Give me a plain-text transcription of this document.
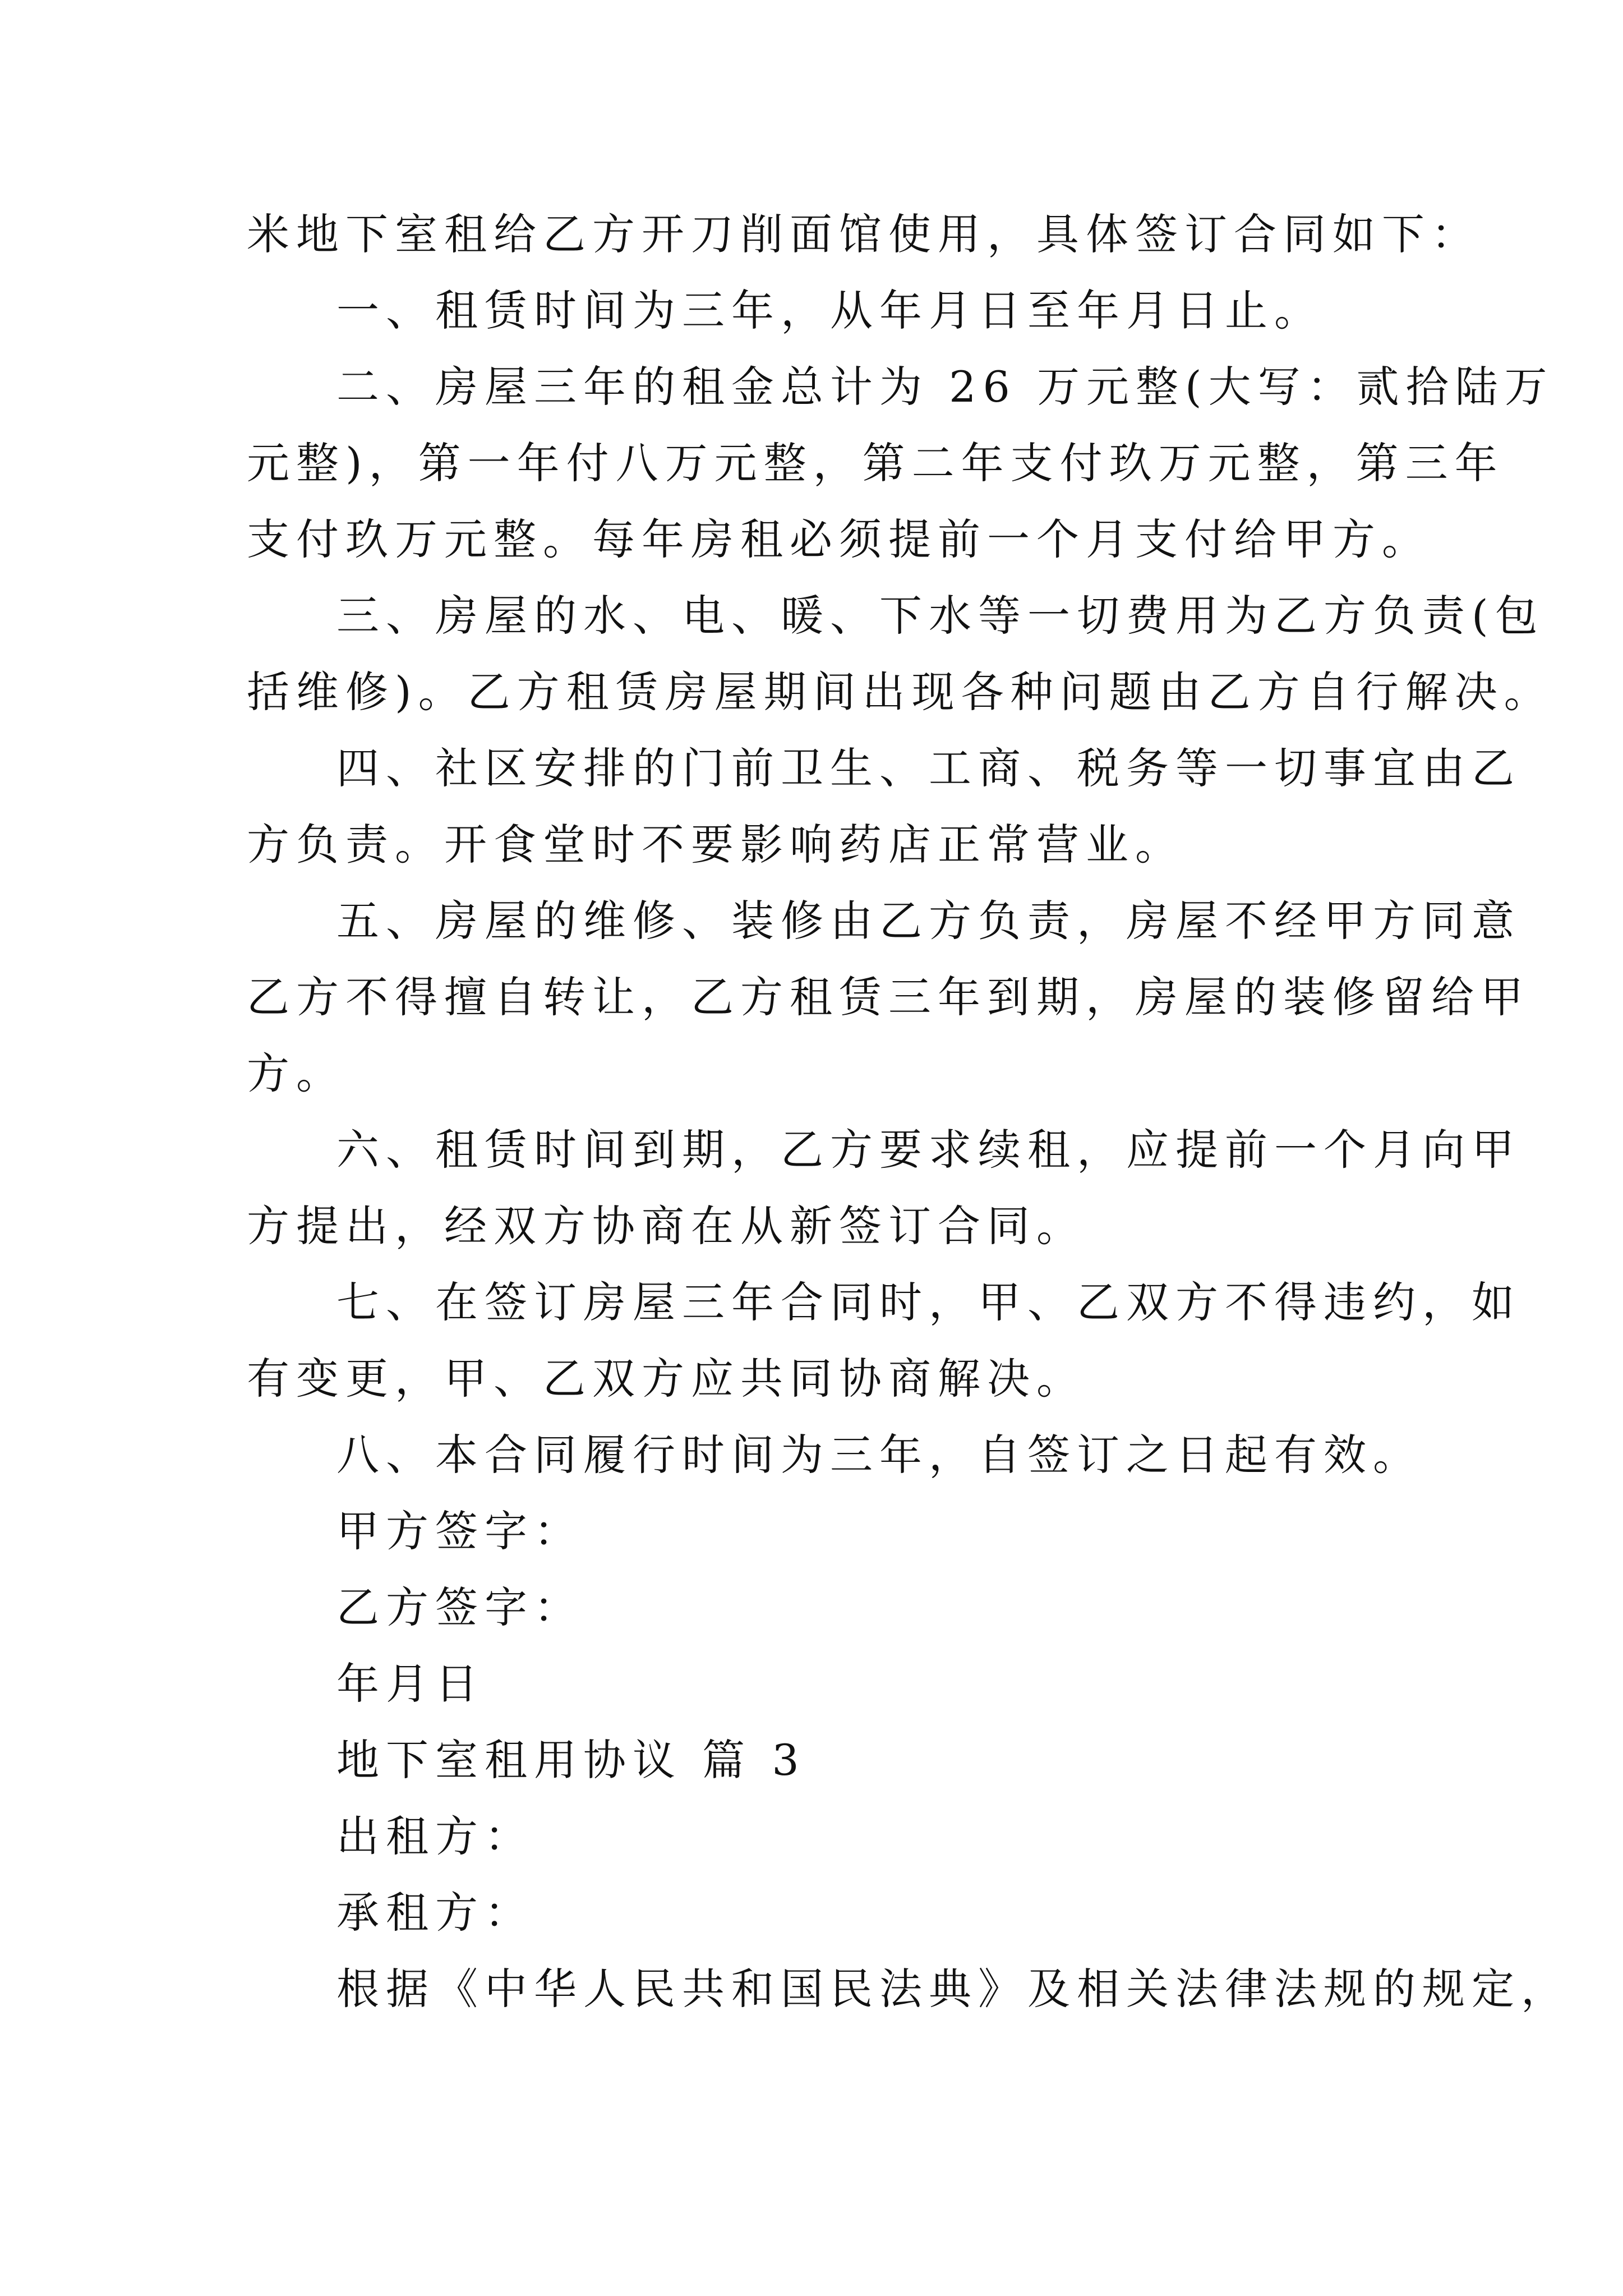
米地下室租给乙方开刀削面馆使用，具体签订合同如下：
一、租赁时间为三年，从年月日至年月日止。
二、房屋三年的租金总计为 26 万元整(大写：贰拾陆万
元整)，第一年付八万元整，第二年支付玖万元整，第三年
支付玖万元整。每年房租必须提前一个月支付给甲方。
三、房屋的水、电、暖、下水等一切费用为乙方负责(包
括维修)。乙方租赁房屋期间出现各种问题由乙方自行解决。
四、社区安排的门前卫生、工商、税务等一切事宜由乙
方负责。开食堂时不要影响药店正常营业。
五、房屋的维修、装修由乙方负责，房屋不经甲方同意
乙方不得擅自转让，乙方租赁三年到期，房屋的装修留给甲
方。
六、租赁时间到期，乙方要求续租，应提前一个月向甲
方提出，经双方协商在从新签订合同。
七、在签订房屋三年合同时，甲、乙双方不得违约，如
有变更，甲、乙双方应共同协商解决。
八、本合同履行时间为三年，自签订之日起有效。
甲方签字：
乙方签字：
年月日
地下室租用协议 篇 3
出租方：
承租方：
根据《中华人民共和国民法典》及相关法律法规的规定，
